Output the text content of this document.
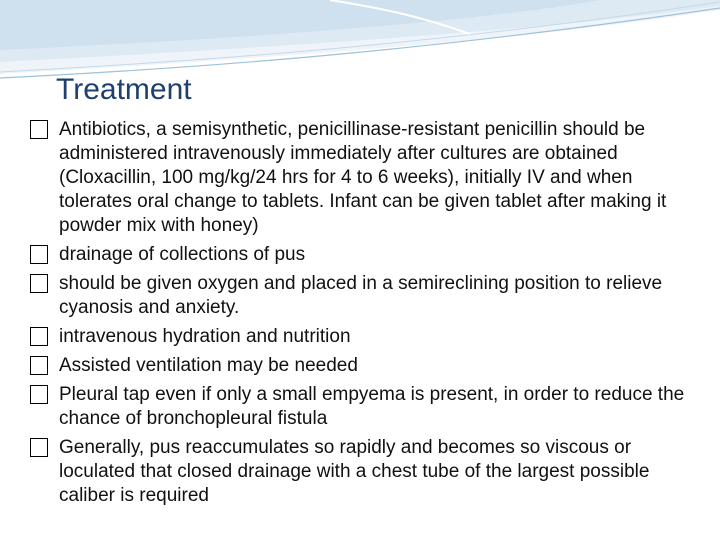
Treatment
Antibiotics, a semisynthetic, penicillinase-resistant penicillin should be administered intravenously immediately after cultures are obtained (Cloxacillin, 100 mg/kg/24 hrs for 4 to 6 weeks), initially IV and when tolerates oral change to tablets. Infant can be given tablet after making it powder mix with honey)
drainage of collections of pus
should be given oxygen and placed in a semireclining position to relieve cyanosis and anxiety.
intravenous hydration and nutrition
Assisted ventilation may be needed
Pleural tap even if only a small empyema is present, in order to reduce the chance of bronchopleural fistula
Generally, pus reaccumulates so rapidly and becomes so viscous or loculated that closed drainage with a chest tube of the largest possible caliber is required
